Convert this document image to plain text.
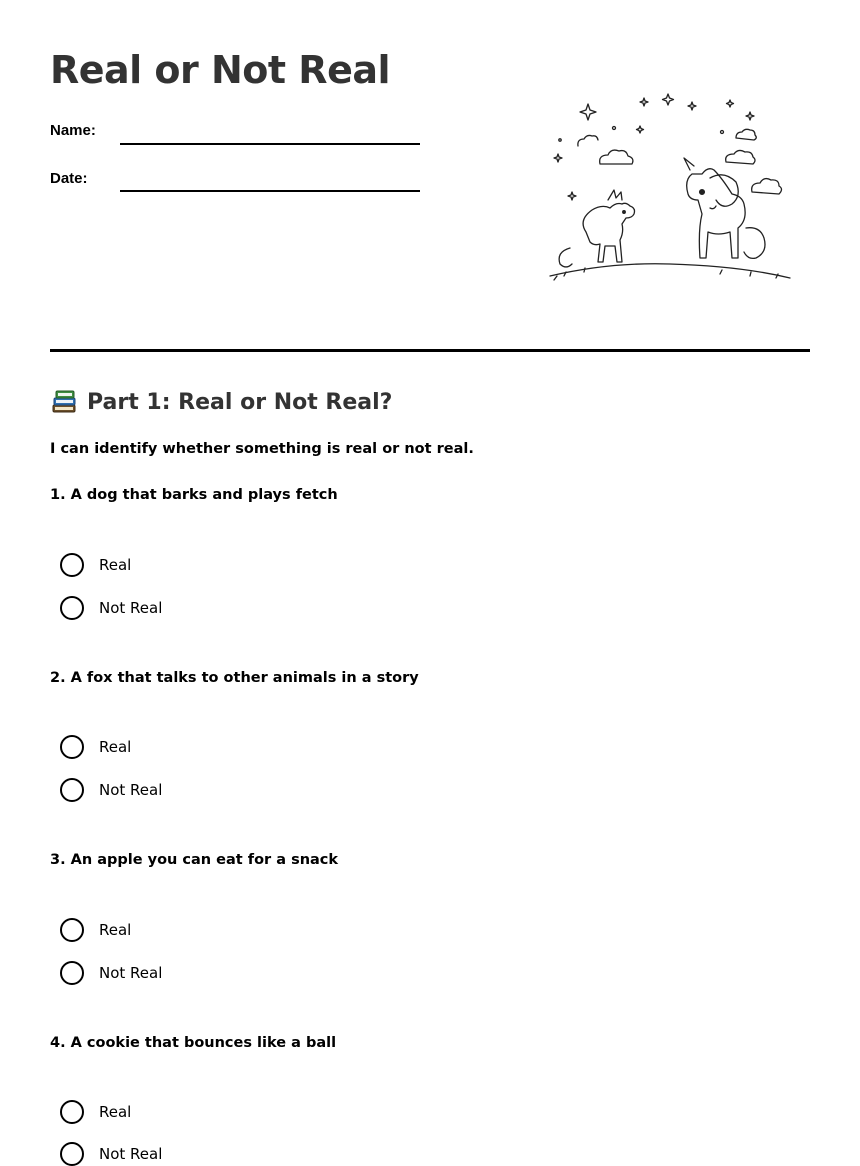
Real or Not Real
Name:
Date:
Part 1: Real or Not Real?

I can identify whether something is real or not real.

1. A dog that barks and plays fetch

Real
Not Real

2. A fox that talks to other animals in a story

Real
Not Real

3. An apple you can eat for a snack

Real
Not Real

4. A cookie that bounces like a ball

Real
Not Real
